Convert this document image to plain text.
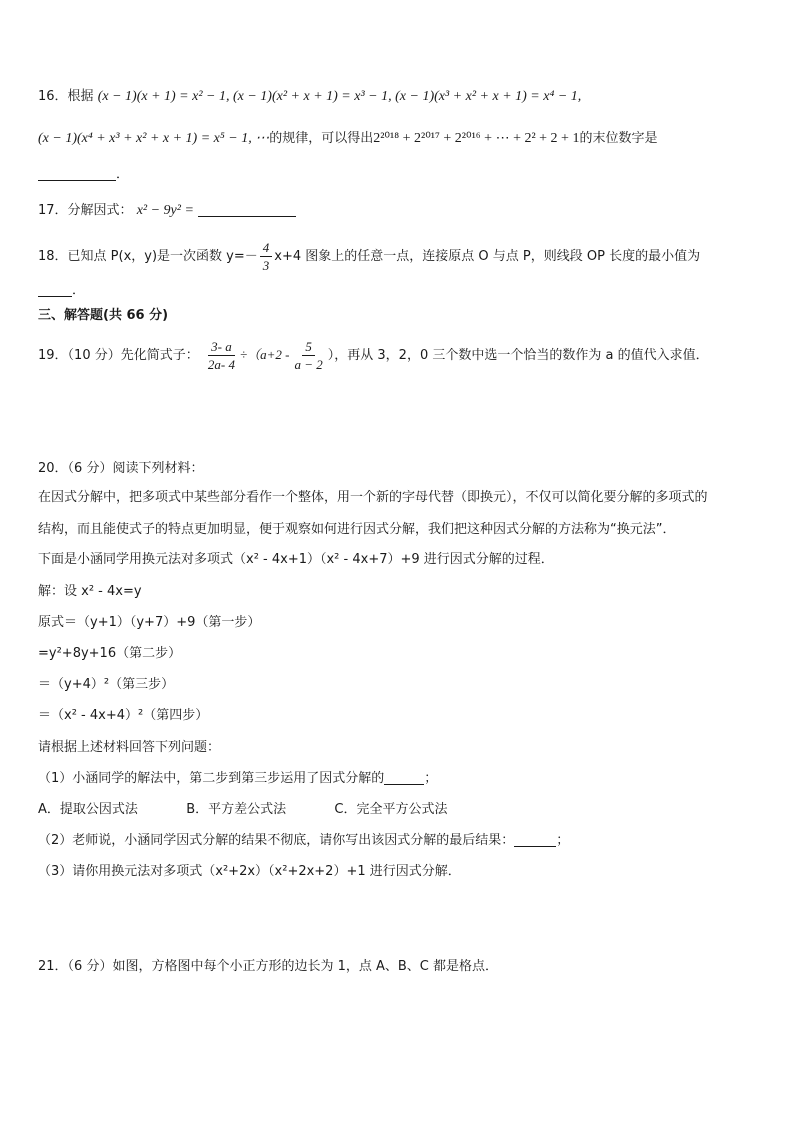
16．根据 (x − 1)(x + 1) = x² − 1, (x − 1)(x² + x + 1) = x³ − 1, (x − 1)(x³ + x² + x + 1) = x⁴ − 1,
(x − 1)(x⁴ + x³ + x² + x + 1) = x⁵ − 1, ⋯的规律，可以得出2²⁰¹⁸ + 2²⁰¹⁷ + 2²⁰¹⁶ + ⋯ + 2² + 2 + 1的末位数字是
．
17．分解因式： x² − 9y² =
18．已知点 P(x，y)是一次函数 $y=- \frac{4}{3} x+4$ 图象上的任意一点，连接原点 O 与点 P，则线段 OP 长度的最小值为
．
三、解答题(共 66 分)
19．（10 分）先化简式子： $\frac{3- a}{2a- 4} \div(a+2 - \frac{5}{a - 2}$ ），再从 3，2，0 三个数中选一个恰当的数作为 a 的值代入求值．
20．（6 分）阅读下列材料：
在因式分解中，把多项式中某些部分看作一个整体，用一个新的字母代替（即换元），不仅可以简化要分解的多项式的
结构，而且能使式子的特点更加明显，便于观察如何进行因式分解，我们把这种因式分解的方法称为“换元法”．
下面是小涵同学用换元法对多项式（x² - 4x+1）（x² - 4x+7）+9 进行因式分解的过程．
解：设 x² - 4x=y
原式＝（y+1）（y+7）+9（第一步）
=y²+8y+16（第二步）
＝（y+4）²（第三步）
＝（x² - 4x+4）²（第四步）
请根据上述材料回答下列问题：
（1）小涵同学的解法中，第二步到第三步运用了因式分解的	；
A．提取公因式法	B．平方差公式法	C．完全平方公式法
（2）老师说，小涵同学因式分解的结果不彻底，请你写出该因式分解的最后结果：	；
（3）请你用换元法对多项式（x²+2x）（x²+2x+2）+1 进行因式分解．
21．（6 分）如图，方格图中每个小正方形的边长为 1，点 A、B、C 都是格点．
